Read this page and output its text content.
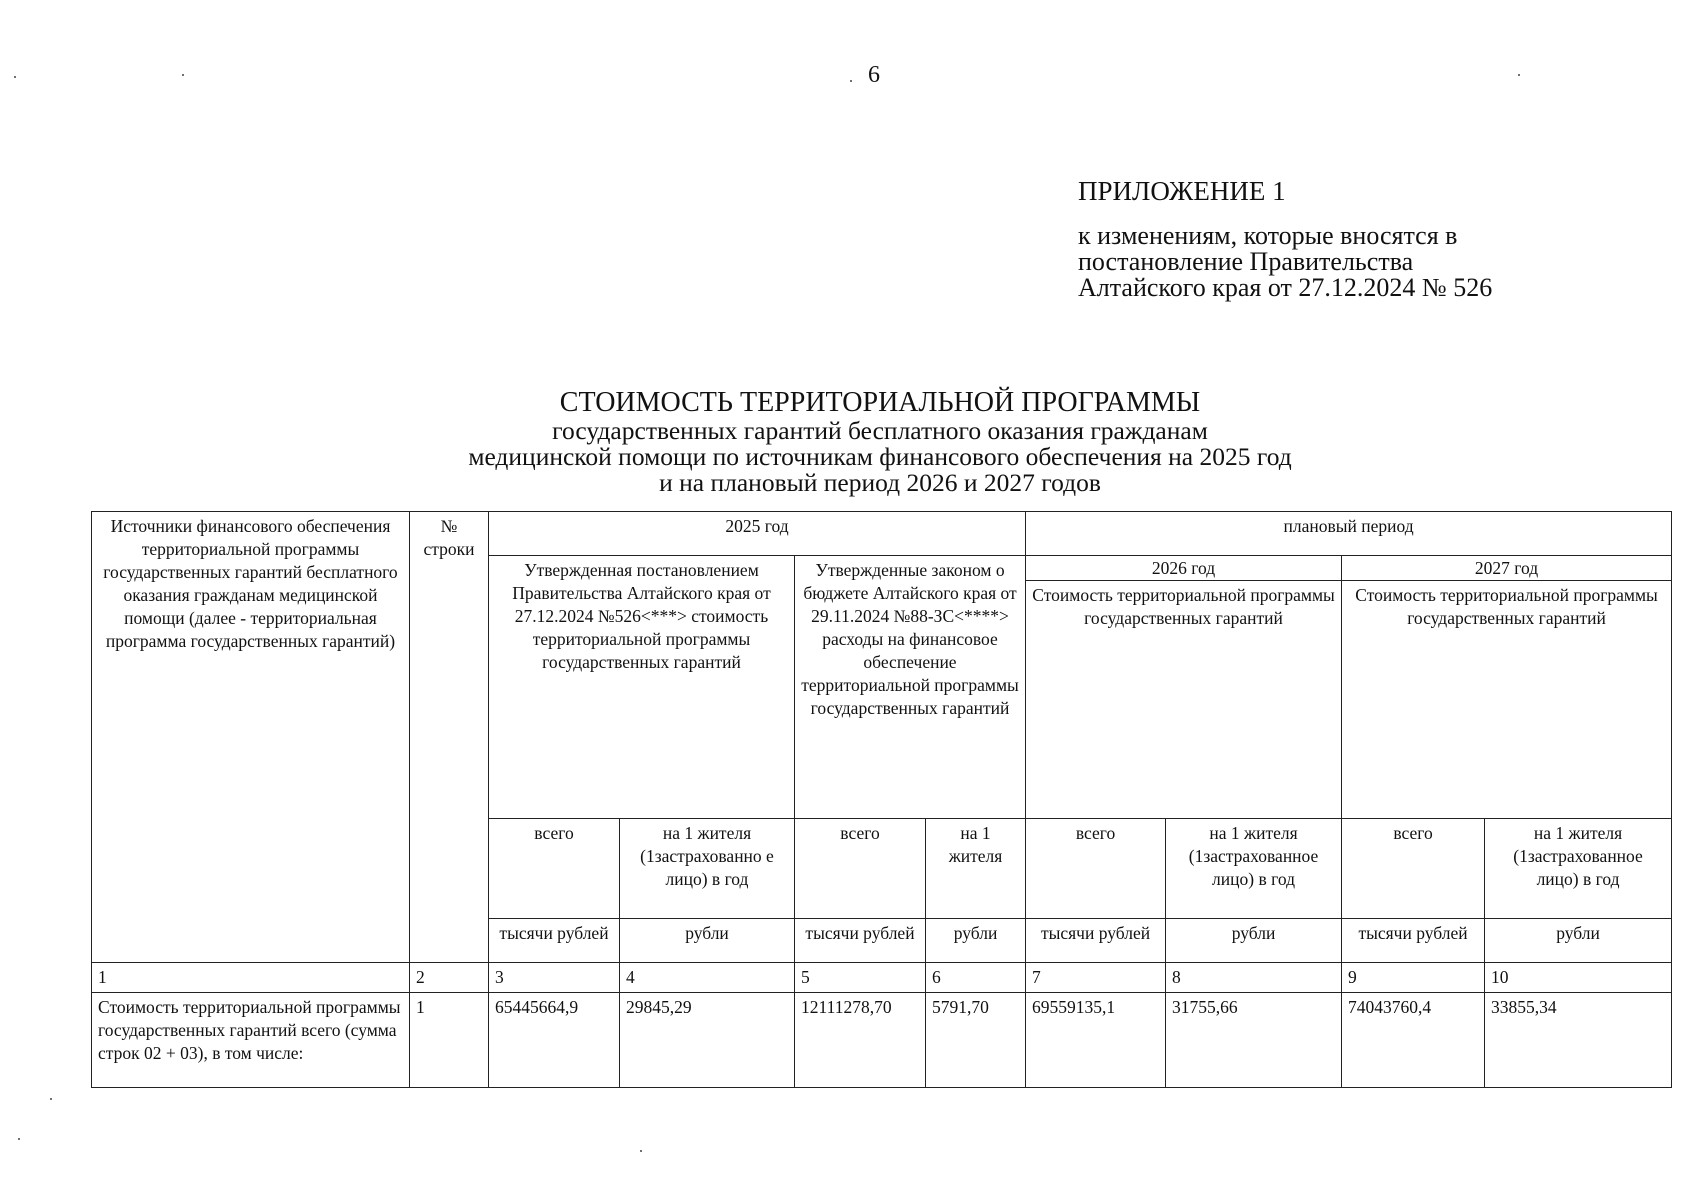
6
ПРИЛОЖЕНИЕ 1
к изменениям, которые вносятся в
постановление Правительства
Алтайского края от 27.12.2024 № 526
СТОИМОСТЬ ТЕРРИТОРИАЛЬНОЙ ПРОГРАММЫ
государственных гарантий бесплатного оказания гражданам
медицинской помощи по источникам финансового обеспечения на 2025 год
и на плановый период 2026 и 2027 годов
Источники финансового обеспечения территориальной программы государственных гарантий бесплатного оказания гражданам медицинской помощи (далее - территориальная программа государственных гарантий)	№ строки	2025 год				плановый период			
		Утвержденная постановлением Правительства Алтайского края от 27.12.2024 №526<***> стоимость территориальной программы государственных гарантий		Утвержденные законом о бюджете Алтайского края от 29.11.2024 №88-ЗС<****> расходы на финансовое обеспечение территориальной программы государственных гарантий		2026 год		2027 год	
						Стоимость территориальной программы государственных гарантий		Стоимость территориальной программы государственных гарантий	
		всего	на 1 жителя (1застрахованно е лицо) в год	всего	на 1 жителя	всего	на 1 жителя (1застрахованное лицо) в год	всего	на 1 жителя (1застрахованное лицо) в год
		тысячи рублей	рубли	тысячи рублей	рубли	тысячи рублей	рубли	тысячи рублей	рубли
1	2	3	4	5	6	7	8	9	10
Стоимость территориальной программы государственных гарантий всего (сумма строк 02 + 03), в том числе:	1	65445664,9	29845,29	12111278,70	5791,70	69559135,1	31755,66	74043760,4	33855,34
